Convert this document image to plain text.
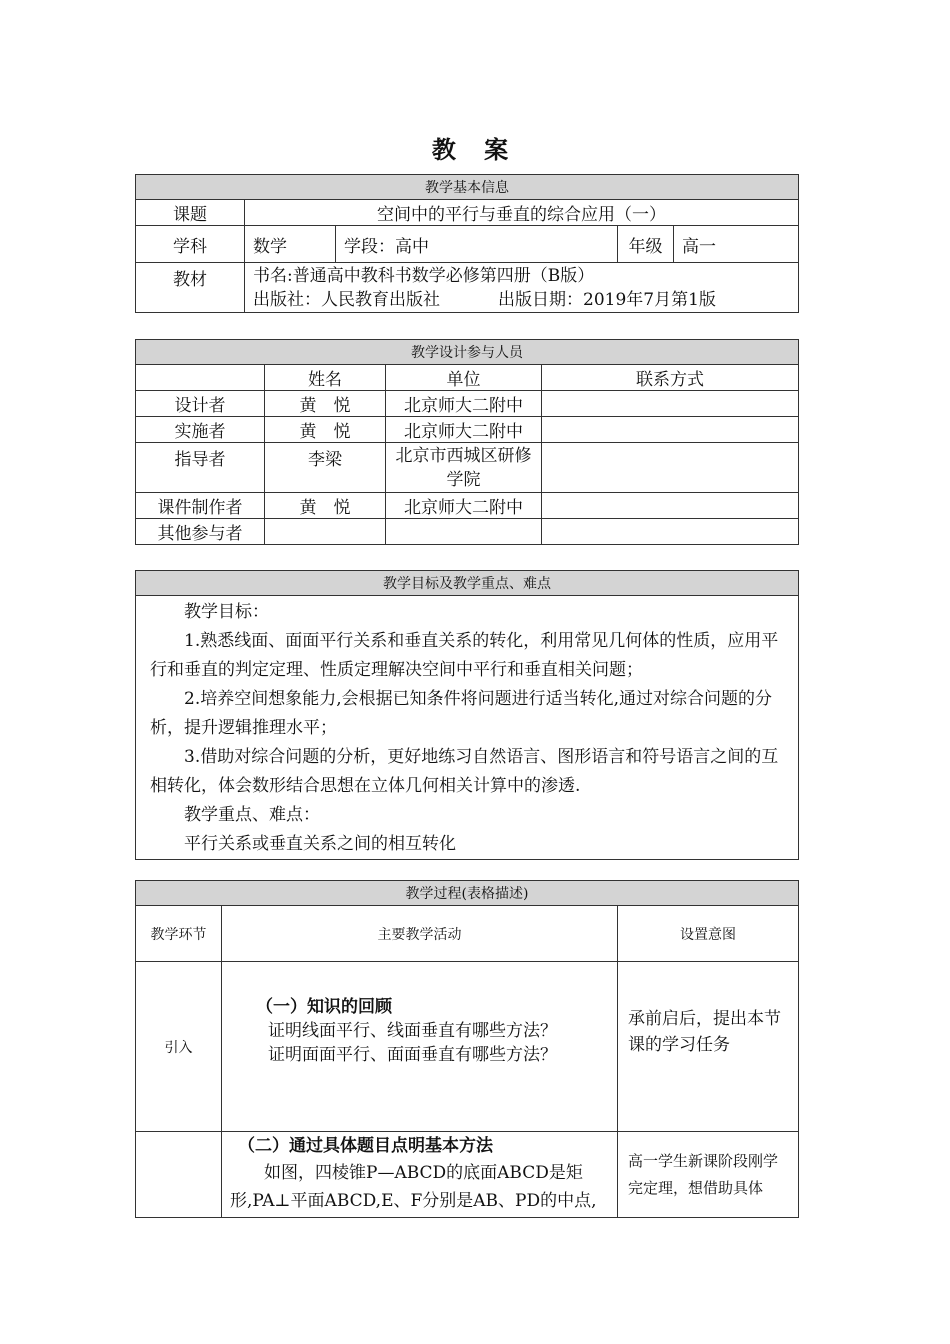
教 案
教学基本信息				
课题	空间中的平行与垂直的综合应用（一）			
学科	数学	学段：高中	年级	高一
教材	书名:普通高中教科书数学必修第四册（B版）
出版社：人民教育出版社 出版日期：2019年7月第1版			
教学设计参与人员			
	姓名	单位	联系方式
设计者	黄　悦	北京师大二附中	
实施者	黄　悦	北京师大二附中	
指导者	李梁	北京市西城区研修学院	
课件制作者	黄　悦	北京师大二附中	
其他参与者			
教学目标及教学重点、难点

教学目标：

1.熟悉线面、面面平行关系和垂直关系的转化，利用常见几何体的性质，应用平行和垂直的判定定理、性质定理解决空间中平行和垂直相关问题；

2.培养空间想象能力,会根据已知条件将问题进行适当转化,通过对综合问题的分析，提升逻辑推理水平；

3.借助对综合问题的分析，更好地练习自然语言、图形语言和符号语言之间的互相转化，体会数形结合思想在立体几何相关计算中的渗透.

教学重点、难点：

平行关系或垂直关系之间的相互转化

教学过程(表格描述)		
教学环节	主要教学活动	设置意图
引入	（一）知识的回顾
证明线面平行、线面垂直有哪些方法？
证明面面平行、面面垂直有哪些方法？	承前启后，提出本节课的学习任务

	（二）通过具体题目点明基本方法
如图，四棱锥P—ABCD的底面ABCD是矩形,PA⊥平面ABCD,E、F分别是AB、PD的中点,	高一学生新课阶段刚学完定理，想借助具体
